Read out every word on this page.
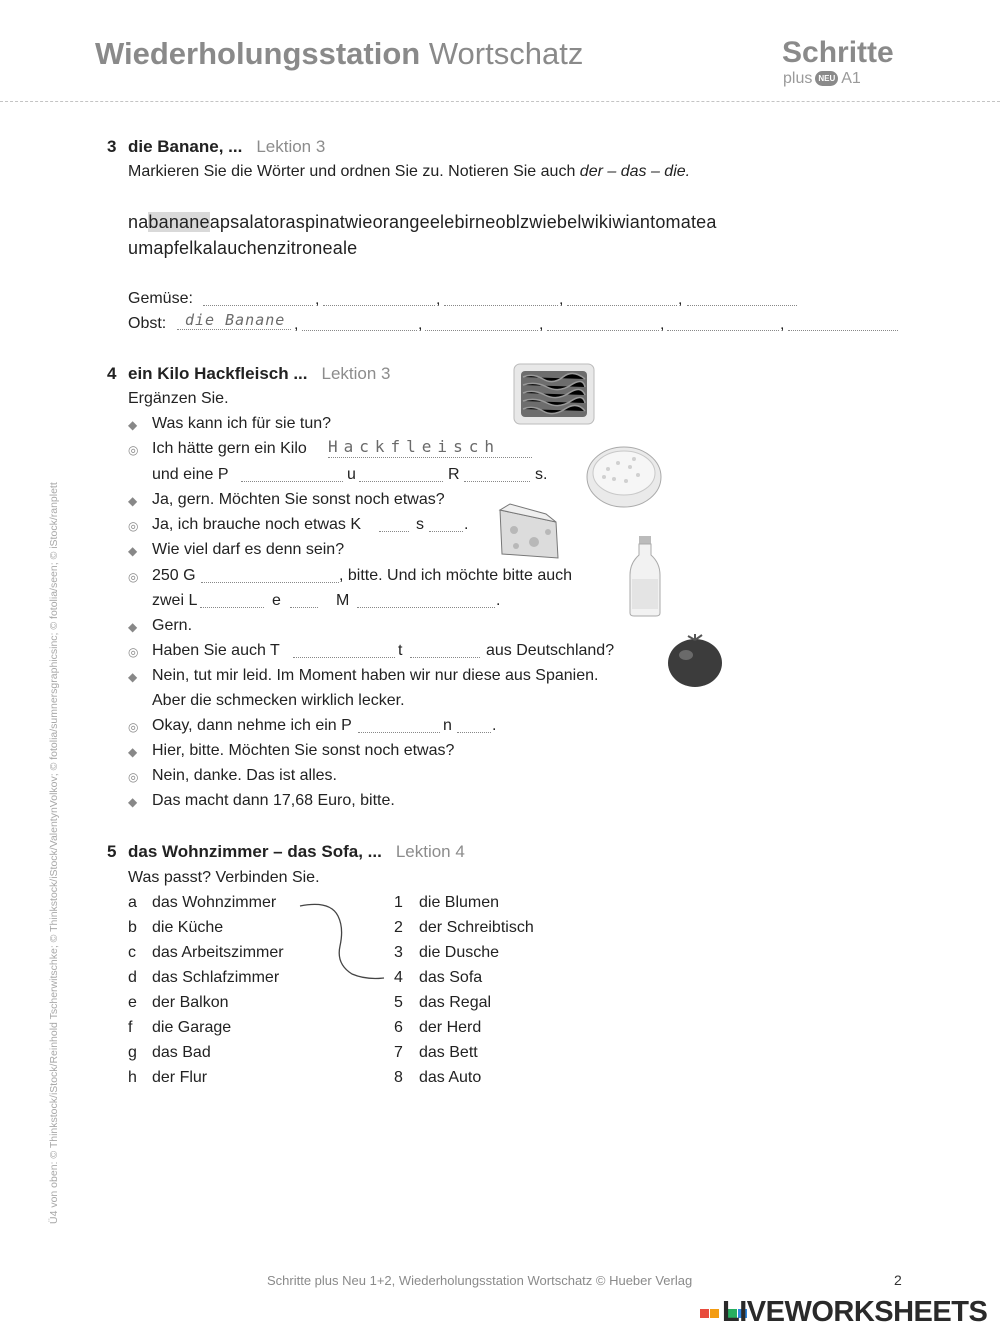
Wiederholungsstation Wortschatz	Schritte
plus NEU A1
Ü4 von oben: © Thinkstock/iStock/Reinhold Tscherwitschke; © Thinkstock/iStock/ValentynVolkov; © fotolia/sumnersgraphicsinc; © fotolia/seen; © iStock/ranplett
3 die Banane, ... Lektion 3
Markieren Sie die Wörter und ordnen Sie zu. Notieren Sie auch der – das – die.
nabananeapsalatoraspinatwieorangeelebirneoblzwiebelwikiwiantomatea
umapfelkalauchenzitroneale
Gemüse:	,	,	,	,
Obst:	die Banane ,	,	,	,	,
4 ein Kilo Hackfleisch ... Lektion 3
Ergänzen Sie.
◆ Was kann ich für sie tun?
◎ Ich hätte gern ein Kilo Hackfleisch
und eine P	u	R	s.
◆ Ja, gern. Möchten Sie sonst noch etwas?
◎ Ja, ich brauche noch etwas K	s	.
◆ Wie viel darf es denn sein?
◎ 250 G	, bitte. Und ich möchte bitte auch
zwei L	e	M	.
◆ Gern.
◎ Haben Sie auch T	t	aus Deutschland?
◆ Nein, tut mir leid. Im Moment haben wir nur diese aus Spanien.
Aber die schmecken wirklich lecker.
◎ Okay, dann nehme ich ein P	n	.
◆ Hier, bitte. Möchten Sie sonst noch etwas?
◎ Nein, danke. Das ist alles.
◆ Das macht dann 17,68 Euro, bitte.
5 das Wohnzimmer – das Sofa, ... Lektion 4
Was passt? Verbinden Sie.
a das Wohnzimmer
b die Küche
c das Arbeitszimmer
d das Schlafzimmer
e der Balkon
f die Garage
g das Bad
h der Flur
1 die Blumen
2 der Schreibtisch
3 die Dusche
4 das Sofa
5 das Regal
6 der Herd
7 das Bett
8 das Auto
Schritte plus Neu 1+2, Wiederholungsstation Wortschatz © Hueber Verlag	2
LIVEWORKSHEETS
